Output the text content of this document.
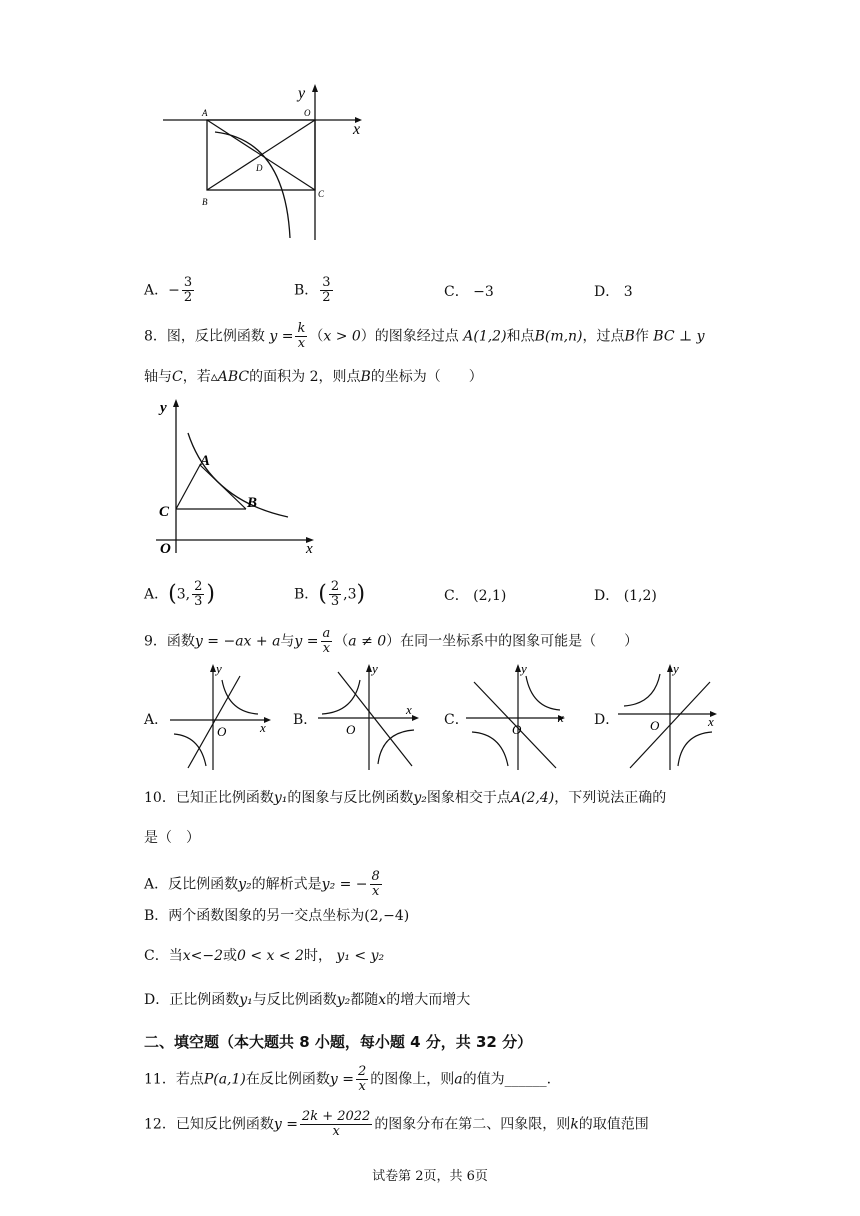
y
x
A	O
D
B
C
A．− $\frac{3}{2}$	B． $\frac{3}{2}$	C． −3	D． 3
8．图，反比例函数 $y = \frac{k}{x} (x > 0)$的图象经过点 A(1,2)和点B(m,n)，过点B作 BC ⊥ y
轴与C，若▵ABC的面积为 2，则点B的坐标为（　　）
y
x
A
B
C
O
A．(3, $\frac{2}{3}$ )	B．( $\frac{2}{3} ,3$)	C． (2,1)	D． (1,2)
9．函数y = −ax + a与$y = \frac{a}{x} (a \ne 0)$在同一坐标系中的图象可能是（　　）
A．
y
x
O
B．
y
x
O
C．
y
x
O
D．
y
x
O
10．已知正比例函数y₁的图象与反比例函数y₂图象相交于点A(2,4)，下列说法正确的
是（　）
A．反比例函数y₂的解析式是y₂ = − $\frac{8}{x}$
B．两个函数图象的另一交点坐标为(2,−4)
C．当x<−2或0 < x < 2时， y₁ < y₂
D．正比例函数y₁与反比例函数y₂都随x的增大而增大
二、填空题（本大题共 8 小题，每小题 4 分，共 32 分）
11．若点P(a,1)在反比例函数$y = \frac{2}{x}$ 的图像上，则a的值为______.
12．已知反比例函数$y = \frac{2k + 2022}{x}$ 的图象分布在第二、四象限，则k的取值范围
试卷第 2页，共 6页
